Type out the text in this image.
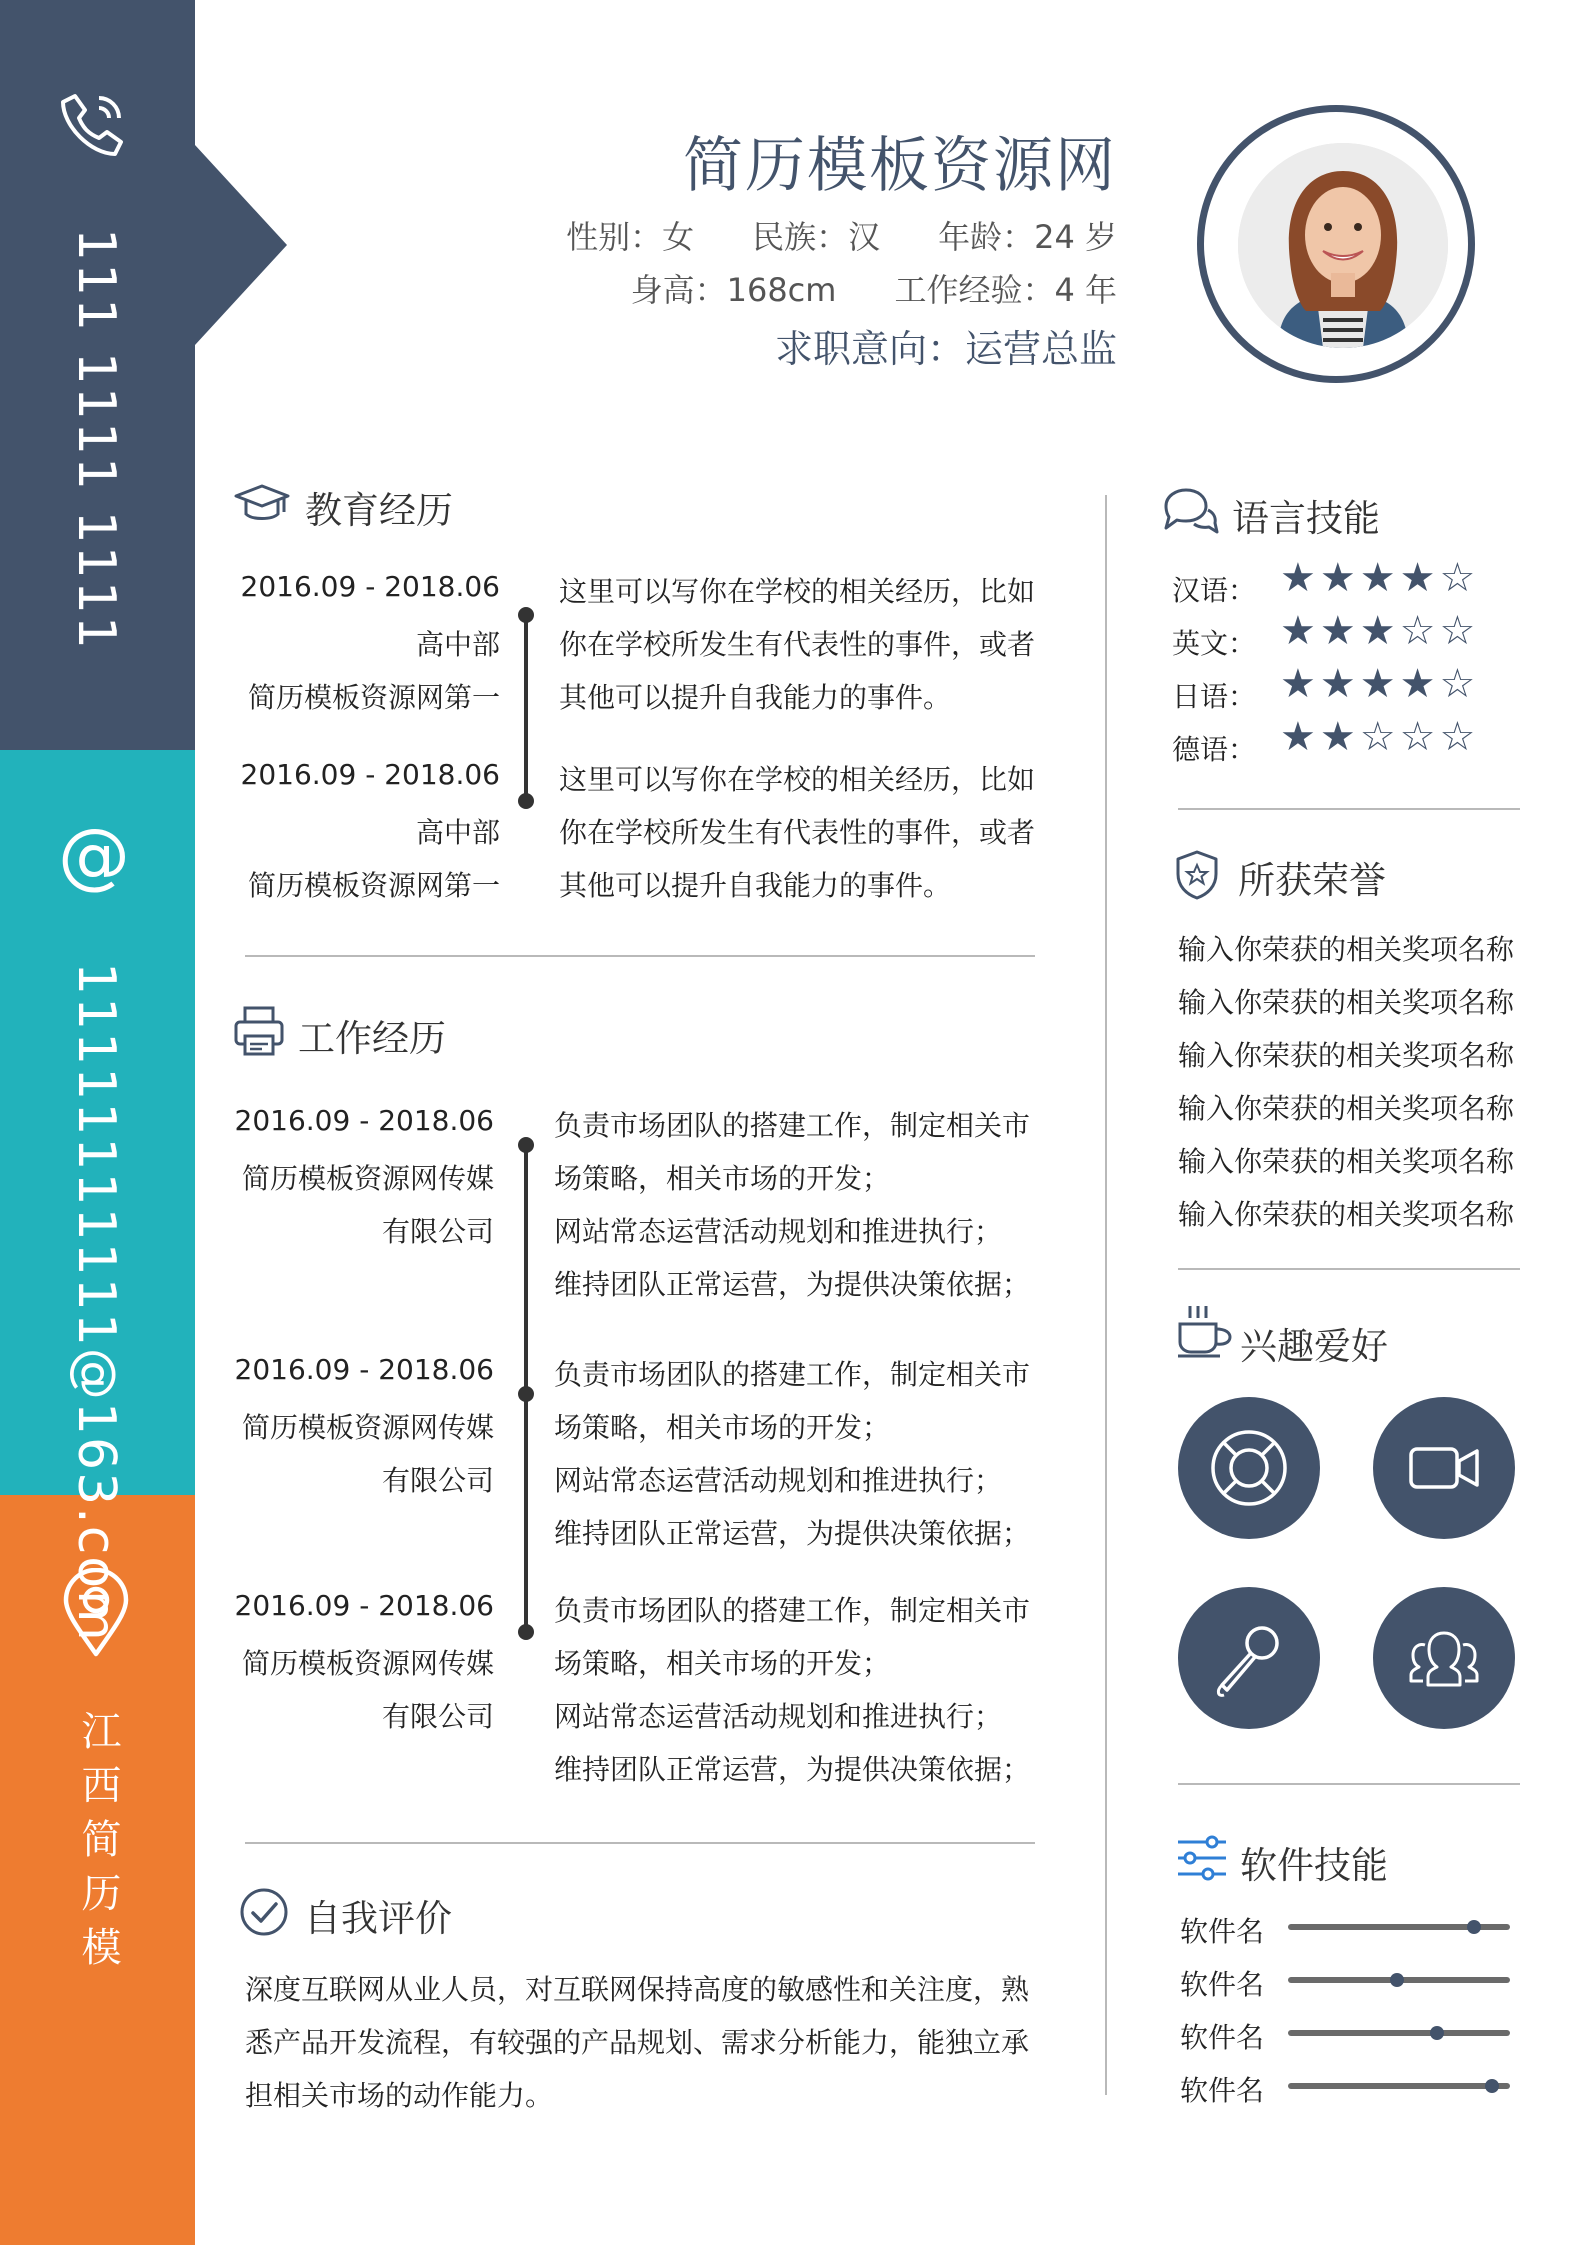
111 1111 1111
@
11111111111@163.com
江西简历模
简历模板资源网
性别：女 民族：汉 年龄：24 岁
身高：168cm 工作经验：4 年
求职意向：运营总监
教育经历
2016.09 - 2018.06
高中部
简历模板资源网第一
这里可以写你在学校的相关经历，比如
你在学校所发生有代表性的事件，或者
其他可以提升自我能力的事件。
2016.09 - 2018.06
高中部
简历模板资源网第一
这里可以写你在学校的相关经历，比如
你在学校所发生有代表性的事件，或者
其他可以提升自我能力的事件。
工作经历
2016.09 - 2018.06
简历模板资源网传媒
有限公司
负责市场团队的搭建工作，制定相关市
场策略，相关市场的开发；
网站常态运营活动规划和推进执行；
维持团队正常运营，为提供决策依据；
2016.09 - 2018.06
简历模板资源网传媒
有限公司
负责市场团队的搭建工作，制定相关市
场策略，相关市场的开发；
网站常态运营活动规划和推进执行；
维持团队正常运营，为提供决策依据；
2016.09 - 2018.06
简历模板资源网传媒
有限公司
负责市场团队的搭建工作，制定相关市
场策略，相关市场的开发；
网站常态运营活动规划和推进执行；
维持团队正常运营，为提供决策依据；
自我评价
深度互联网从业人员，对互联网保持高度的敏感性和关注度，熟
悉产品开发流程，有较强的产品规划、需求分析能力，能独立承
担相关市场的动作能力。
语言技能
汉语： ★★★★☆
英文： ★★★☆☆
日语： ★★★★☆
德语： ★★☆☆☆
所获荣誉
输入你荣获的相关奖项名称
输入你荣获的相关奖项名称
输入你荣获的相关奖项名称
输入你荣获的相关奖项名称
输入你荣获的相关奖项名称
输入你荣获的相关奖项名称
兴趣爱好
软件技能
软件名
软件名
软件名
软件名
